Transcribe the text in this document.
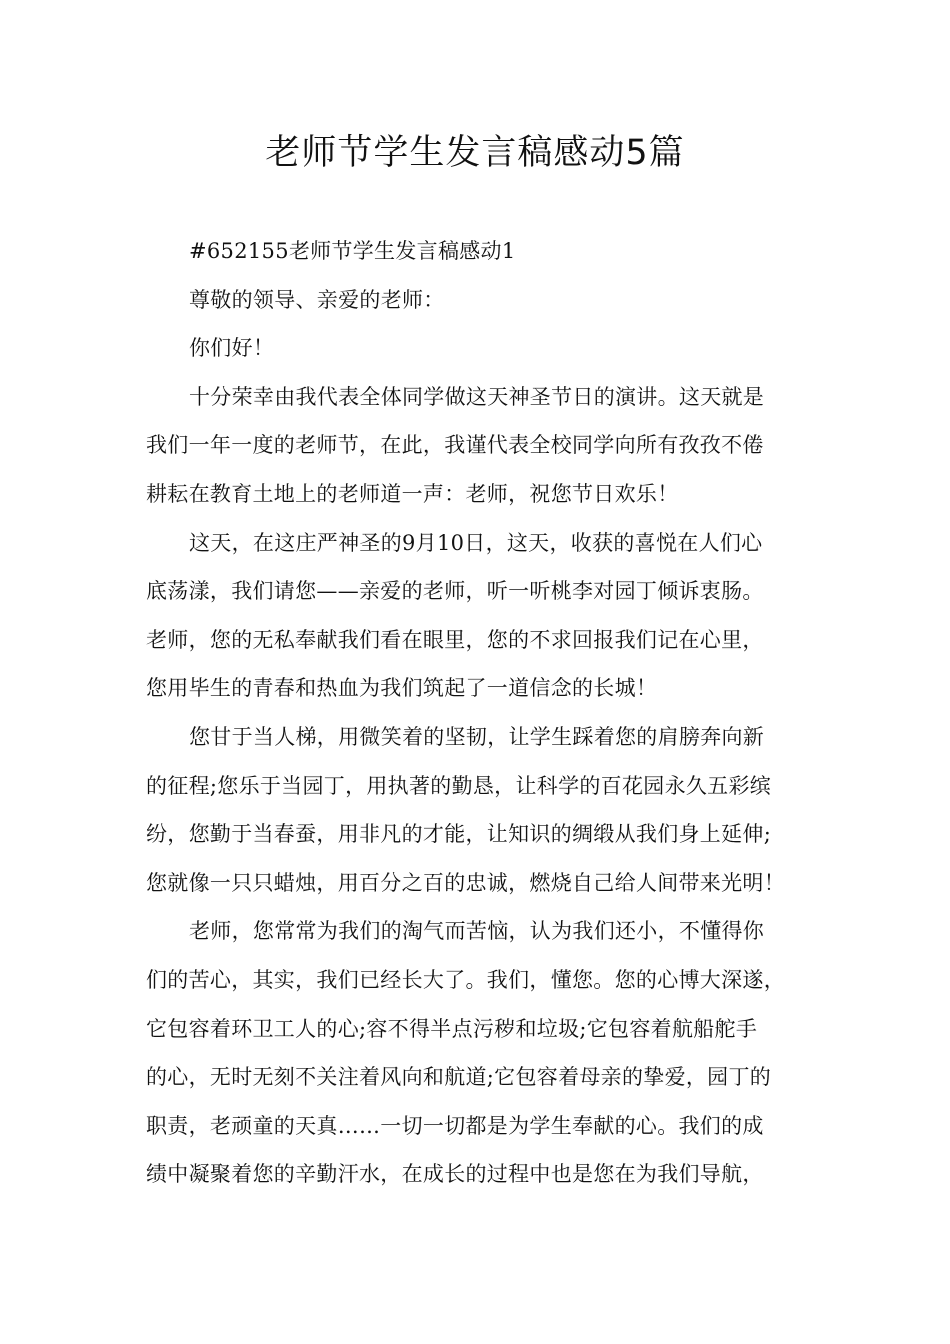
老师节学生发言稿感动5篇

#652155老师节学生发言稿感动1

尊敬的领导、亲爱的老师：

你们好！

十分荣幸由我代表全体同学做这天神圣节日的演讲。这天就是
我们一年一度的老师节，在此，我谨代表全校同学向所有孜孜不倦
耕耘在教育土地上的老师道一声：老师，祝您节日欢乐！

这天，在这庄严神圣的9月10日，这天，收获的喜悦在人们心
底荡漾，我们请您——亲爱的老师，听一听桃李对园丁倾诉衷肠。
老师，您的无私奉献我们看在眼里，您的不求回报我们记在心里，
您用毕生的青春和热血为我们筑起了一道信念的长城！

您甘于当人梯，用微笑着的坚韧，让学生踩着您的肩膀奔向新
的征程;您乐于当园丁，用执著的勤恳，让科学的百花园永久五彩缤
纷，您勤于当春蚕，用非凡的才能，让知识的绸缎从我们身上延伸;
您就像一只只蜡烛，用百分之百的忠诚，燃烧自己给人间带来光明！

老师，您常常为我们的淘气而苦恼，认为我们还小，不懂得你
们的苦心，其实，我们已经长大了。我们，懂您。您的心博大深遂，
它包容着环卫工人的心;容不得半点污秽和垃圾;它包容着航船舵手
的心，无时无刻不关注着风向和航道;它包容着母亲的挚爱，园丁的
职责，老顽童的天真……一切一切都是为学生奉献的心。我们的成
绩中凝聚着您的辛勤汗水，在成长的过程中也是您在为我们导航，
